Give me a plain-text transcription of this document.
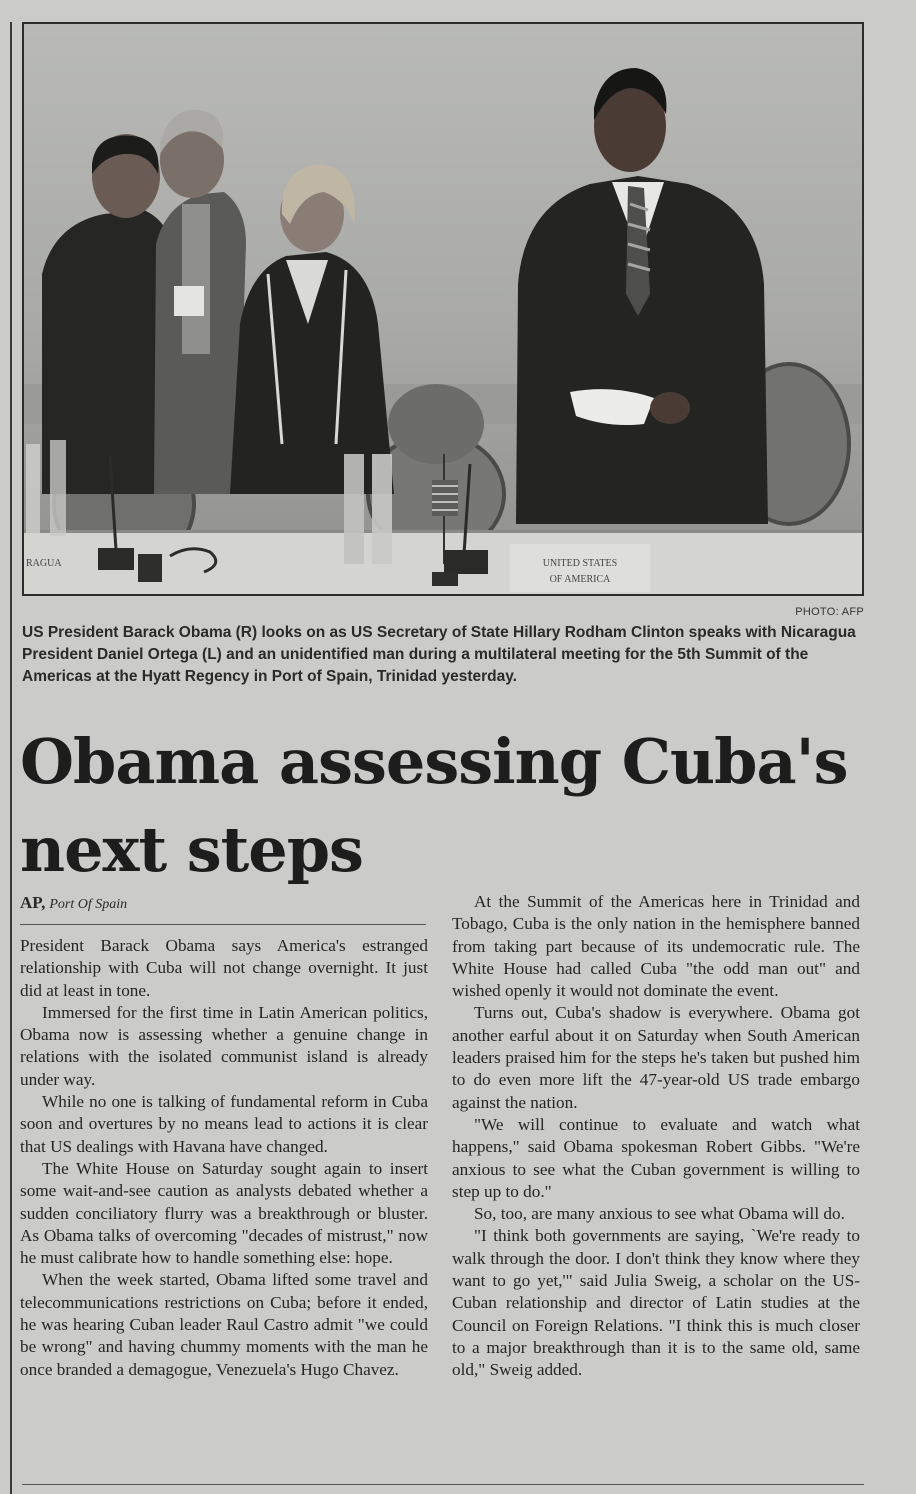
RAGUA	UNITED STATES
OF AMERICA
PHOTO: AFP
US President Barack Obama (R) looks on as US Secretary of State Hillary Rodham Clinton speaks with Nicaragua President Daniel Ortega (L) and an unidentified man during a multilateral meeting for the 5th Summit of the Americas at the Hyatt Regency in Port of Spain, Trinidad yesterday.
Obama assessing Cuba's next steps
AP, Port Of Spain

President Barack Obama says America's estranged relationship with Cuba will not change overnight. It just did at least in tone.

Immersed for the first time in Latin American politics, Obama now is assessing whether a genuine change in relations with the isolated communist island is already under way.

While no one is talking of fundamental reform in Cuba soon and overtures by no means lead to actions it is clear that US dealings with Havana have changed.

The White House on Saturday sought again to insert some wait-and-see caution as analysts debated whether a sudden conciliatory flurry was a breakthrough or bluster. As Obama talks of overcoming "decades of mistrust," now he must calibrate how to handle something else: hope.

When the week started, Obama lifted some travel and telecommunications restrictions on Cuba; before it ended, he was hearing Cuban leader Raul Castro admit "we could be wrong" and having chummy moments with the man he once branded a demagogue, Venezuela's Hugo Chavez.

At the Summit of the Americas here in Trinidad and Tobago, Cuba is the only nation in the hemisphere banned from taking part because of its undemocratic rule. The White House had called Cuba "the odd man out" and wished openly it would not dominate the event.

Turns out, Cuba's shadow is everywhere. Obama got another earful about it on Saturday when South American leaders praised him for the steps he's taken but pushed him to do even more lift the 47-year-old US trade embargo against the nation.

"We will continue to evaluate and watch what happens," said Obama spokesman Robert Gibbs. "We're anxious to see what the Cuban government is willing to step up to do."

So, too, are many anxious to see what Obama will do.

"I think both governments are saying, `We're ready to walk through the door. I don't think they know where they want to go yet,'" said Julia Sweig, a scholar on the US-Cuban relationship and director of Latin studies at the Council on Foreign Relations. "I think this is much closer to a major breakthrough than it is to the same old, same old," Sweig added.
